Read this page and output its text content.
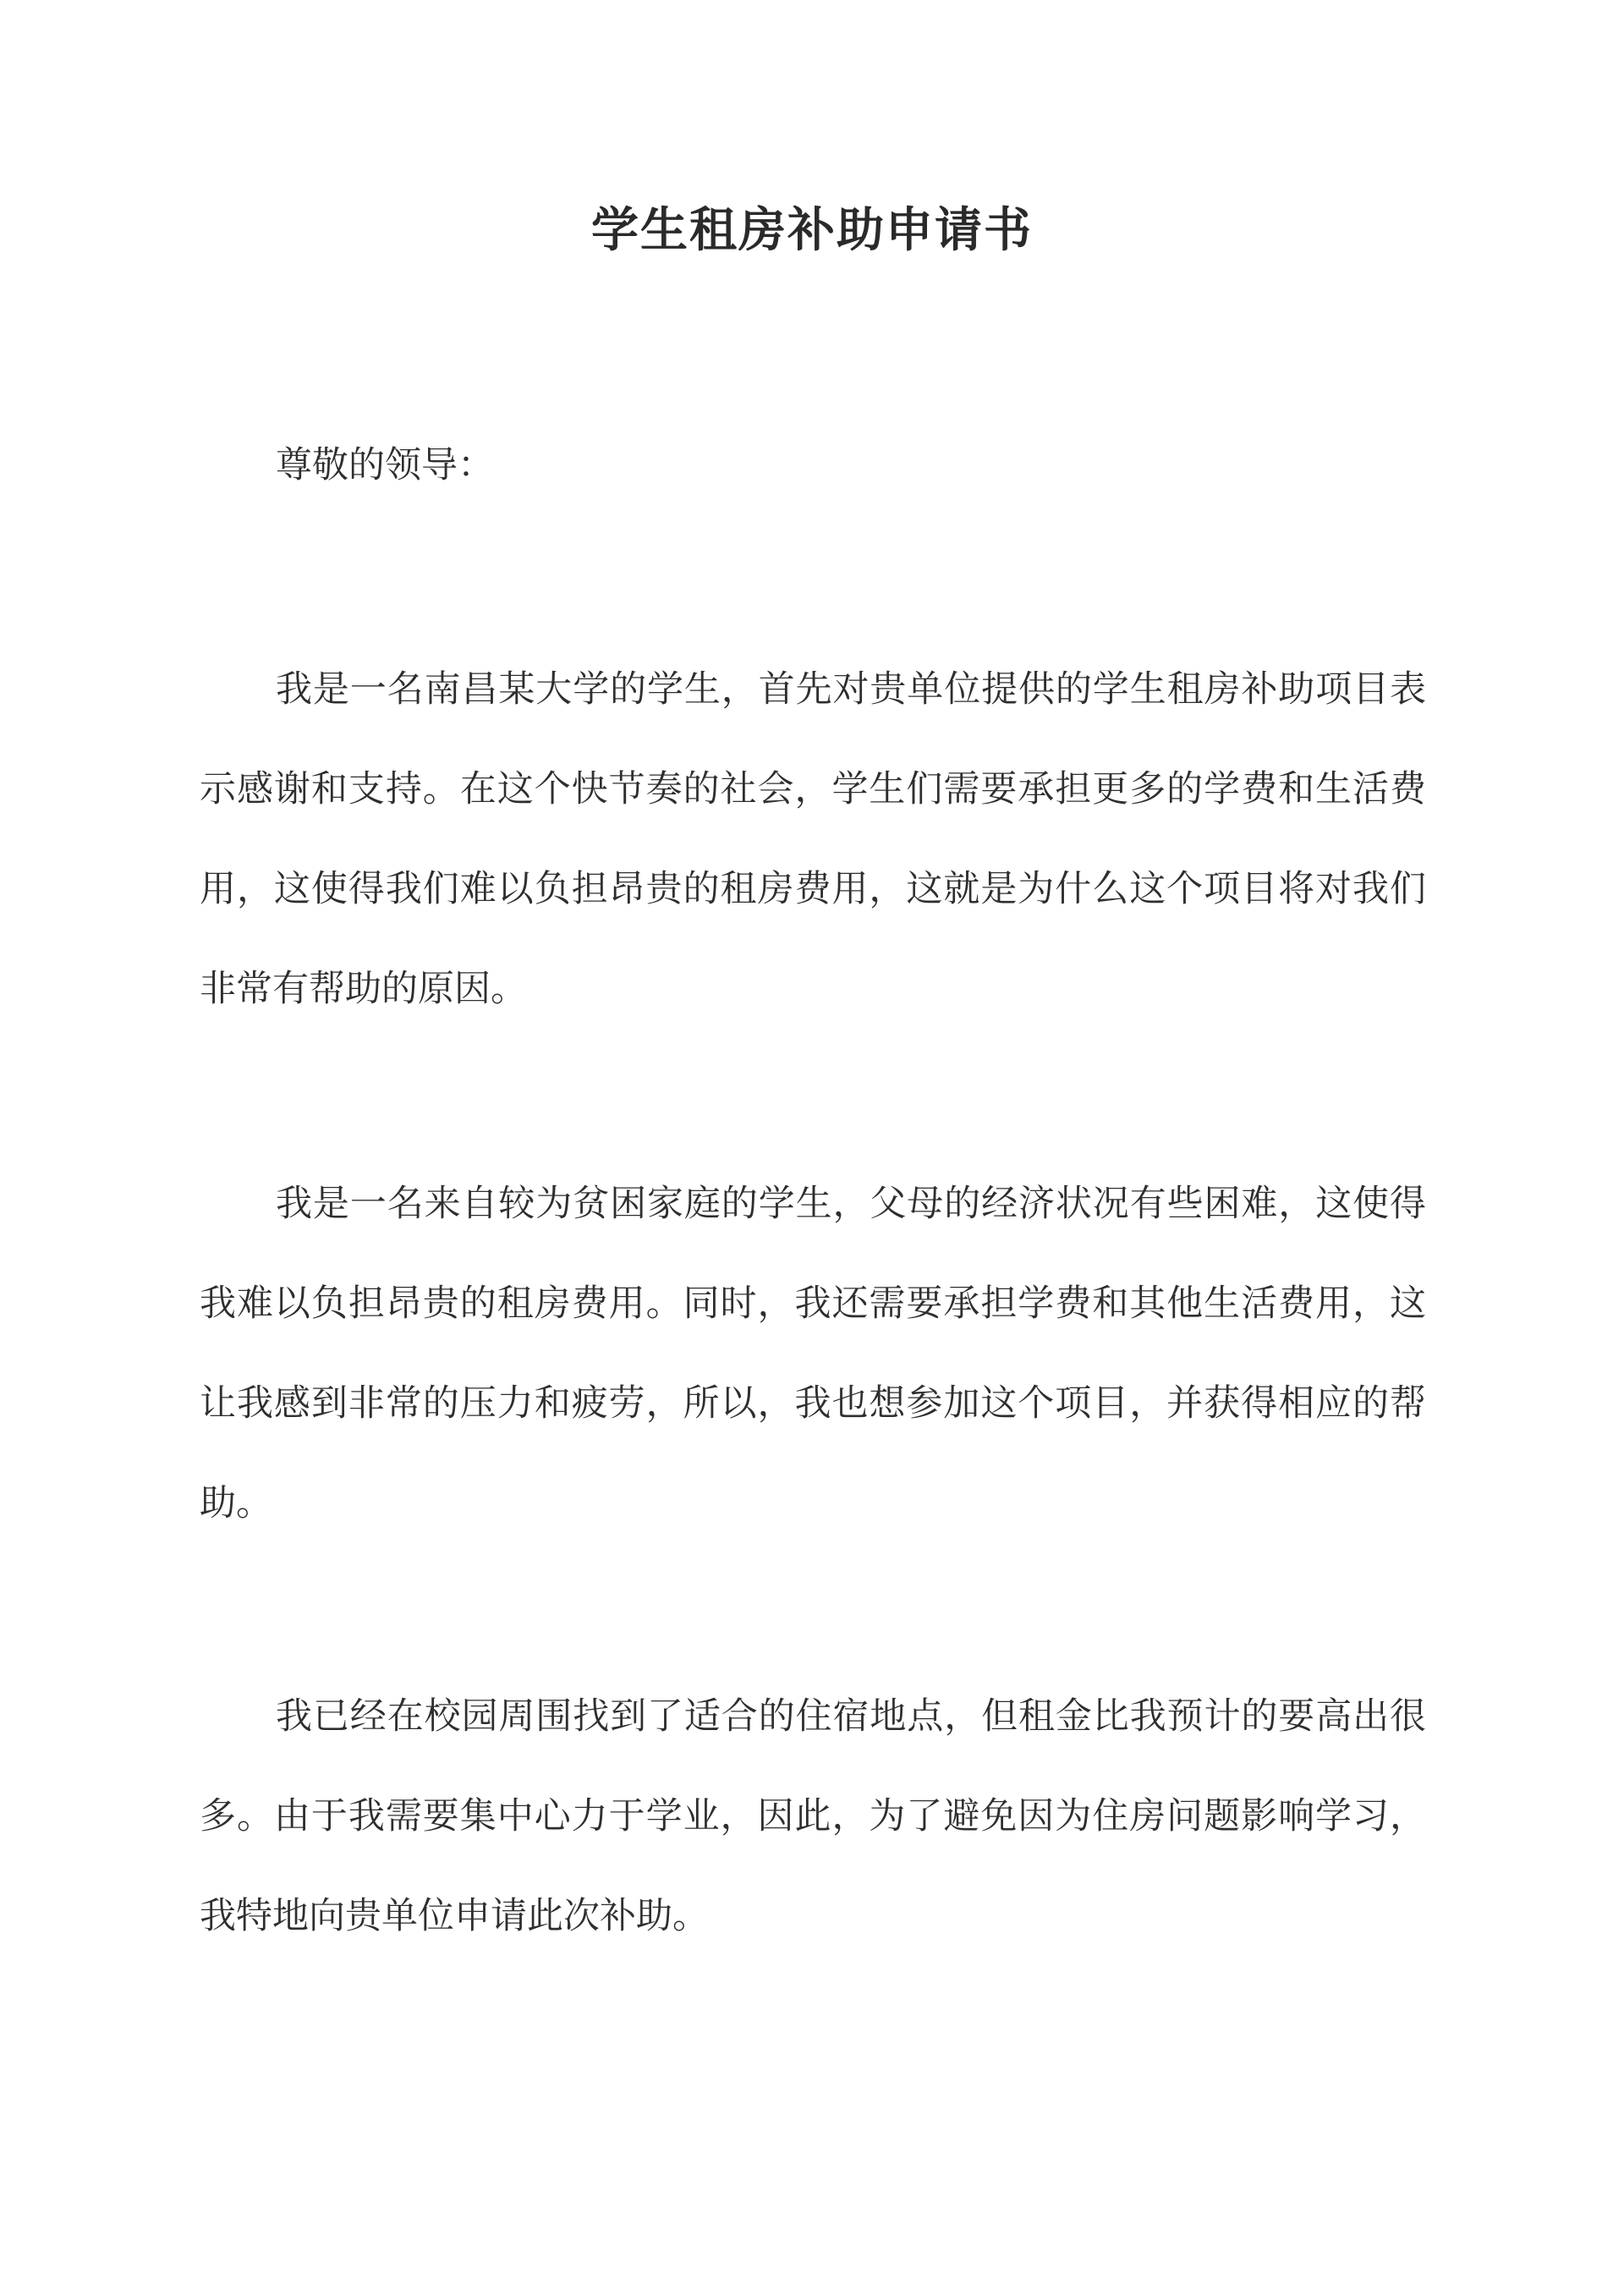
学生租房补助申请书
尊敬的领导：

我是一名南昌某大学的学生，首先对贵单位提供的学生租房补助项目表示感谢和支持。在这个快节奏的社会，学生们需要承担更多的学费和生活费用，这使得我们难以负担昂贵的租房费用，这就是为什么这个项目将对我们非常有帮助的原因。

我是一名来自较为贫困家庭的学生，父母的经济状况有些困难，这使得我难以负担昂贵的租房费用。同时，我还需要承担学费和其他生活费用，这让我感到非常的压力和疲劳，所以，我也想参加这个项目，并获得相应的帮助。

我已经在校园周围找到了适合的住宿地点，但租金比我预计的要高出很多。由于我需要集中心力于学业，因此，为了避免因为住房问题影响学习，我特地向贵单位申请此次补助。
